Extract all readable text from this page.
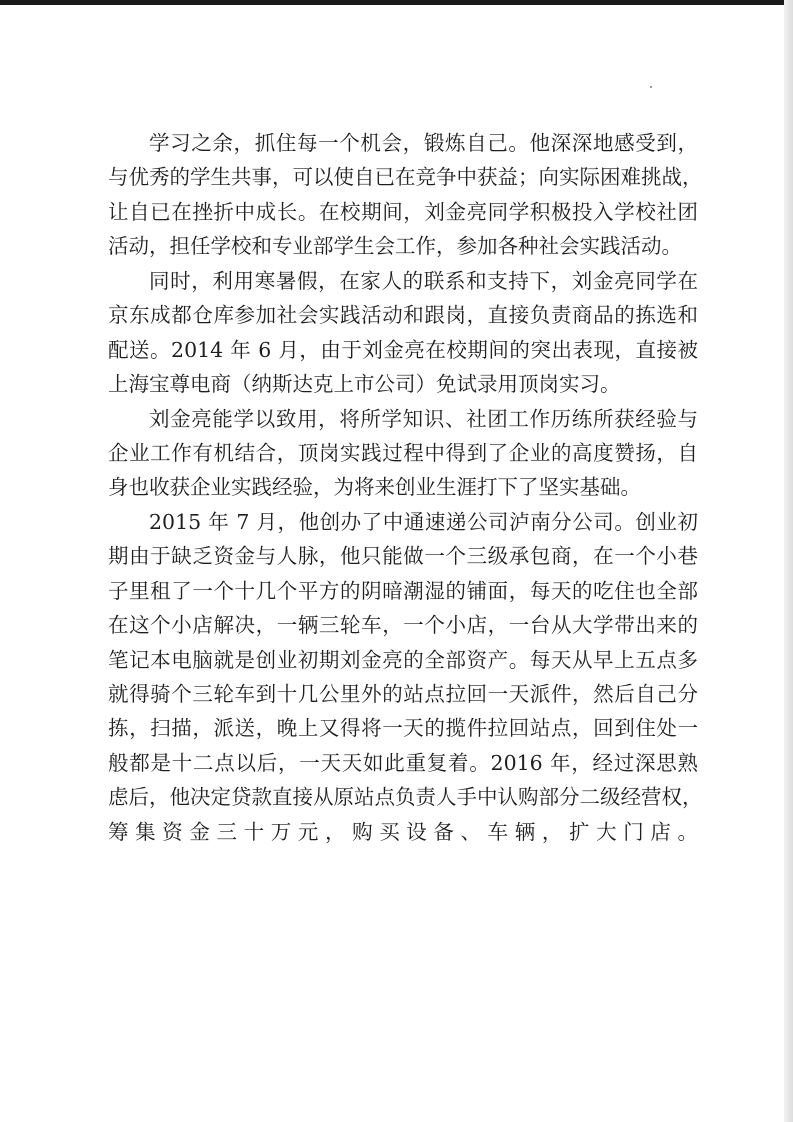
学习之余，抓住每一个机会，锻炼自己。他深深地感受到，
与优秀的学生共事，可以使自已在竞争中获益；向实际困难挑战，
让自已在挫折中成长。在校期间，刘金亮同学积极投入学校社团
活动，担任学校和专业部学生会工作，参加各种社会实践活动。
同时，利用寒暑假，在家人的联系和支持下，刘金亮同学在
京东成都仓库参加社会实践活动和跟岗，直接负责商品的拣选和
配送。2014 年 6 月，由于刘金亮在校期间的突出表现，直接被
上海宝尊电商（纳斯达克上市公司）免试录用顶岗实习。
刘金亮能学以致用，将所学知识、社团工作历练所获经验与
企业工作有机结合，顶岗实践过程中得到了企业的高度赞扬，自
身也收获企业实践经验，为将来创业生涯打下了坚实基础。
2015 年 7 月，他创办了中通速递公司泸南分公司。创业初
期由于缺乏资金与人脉，他只能做一个三级承包商，在一个小巷
子里租了一个十几个平方的阴暗潮湿的铺面，每天的吃住也全部
在这个小店解决，一辆三轮车，一个小店，一台从大学带出来的
笔记本电脑就是创业初期刘金亮的全部资产。每天从早上五点多
就得骑个三轮车到十几公里外的站点拉回一天派件，然后自己分
拣，扫描，派送，晚上又得将一天的揽件拉回站点，回到住处一
般都是十二点以后，一天天如此重复着。2016 年，经过深思熟
虑后，他决定贷款直接从原站点负责人手中认购部分二级经营权，
筹集资金三十万元，购买设备、车辆，扩大门店。
